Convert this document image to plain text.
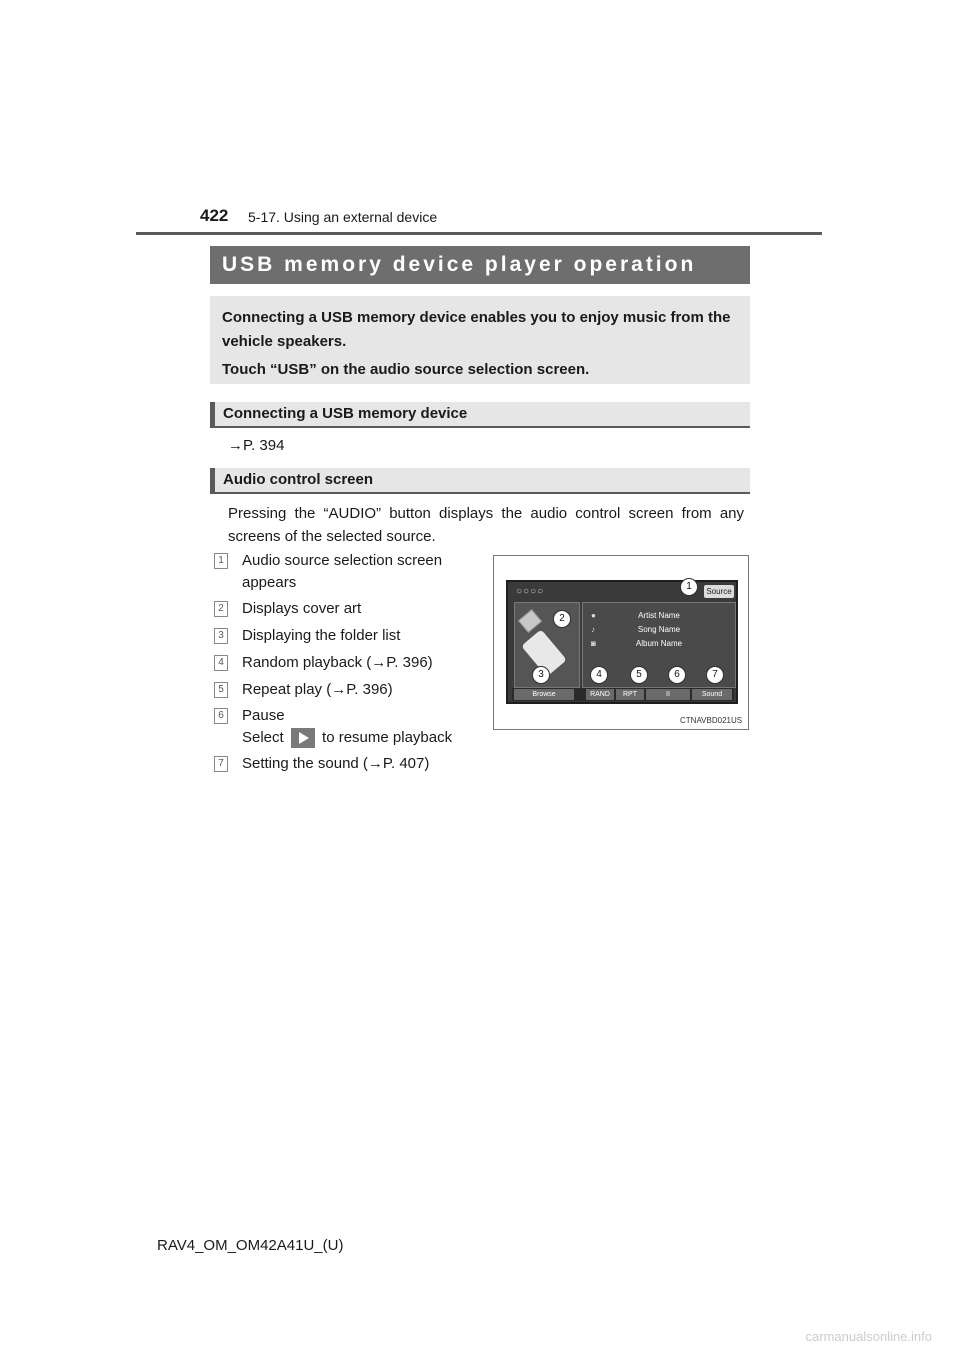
422 5-17. Using an external device
USB memory device player operation

Connecting a USB memory device enables you to enjoy music from the vehicle speakers.

Touch “USB” on the audio source selection screen.

Connecting a USB memory device
→P. 394
Audio control screen
Pressing the “AUDIO” button displays the audio control screen from any screens of the selected source.
1 Audio source selection screen
appears
2 Displays cover art
3 Displaying the folder list
4 Random playback (→P. 396)
5 Repeat play (→P. 396)
6 Pause
Select	to resume playback
7 Setting the sound (→P. 407)
○○○○	Source
●	Artist Name
♪	Song Name
◙	Album Name
Browse	RAND	RPT	II	Sound
1
2
3	4	5	6	7
CTNAVBD021US
RAV4_OM_OM42A41U_(U)
carmanualsonline.info
